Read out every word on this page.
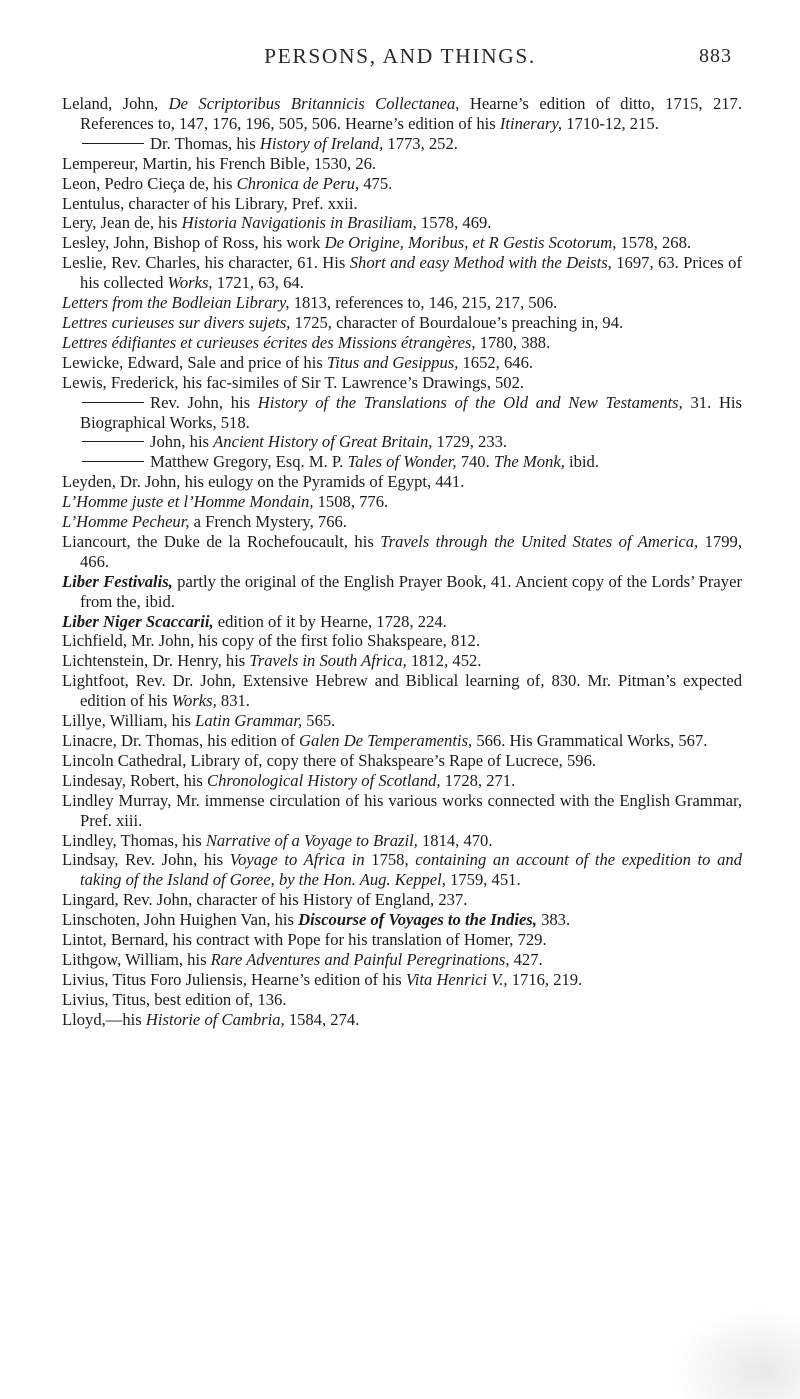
PERSONS, AND THINGS.	883

Leland, John, De Scriptoribus Britannicis Collectanea, Hearne’s edition of ditto, 1715, 217. References to, 147, 176, 196, 505, 506. Hearne’s edition of his Itinerary, 1710-12, 215.

Dr. Thomas, his History of Ireland, 1773, 252.

Lempereur, Martin, his French Bible, 1530, 26.

Leon, Pedro Cieça de, his Chronica de Peru, 475.

Lentulus, character of his Library, Pref. xxii.

Lery, Jean de, his Historia Navigationis in Brasiliam, 1578, 469.

Lesley, John, Bishop of Ross, his work De Origine, Moribus, et R Gestis Scotorum, 1578, 268.

Leslie, Rev. Charles, his character, 61. His Short and easy Method with the Deists, 1697, 63. Prices of his collected Works, 1721, 63, 64.

Letters from the Bodleian Library, 1813, references to, 146, 215, 217, 506.

Lettres curieuses sur divers sujets, 1725, character of Bourdaloue’s preaching in, 94.

Lettres édifiantes et curieuses écrites des Missions étrangères, 1780, 388.

Lewicke, Edward, Sale and price of his Titus and Gesippus, 1652, 646.

Lewis, Frederick, his fac-similes of Sir T. Lawrence’s Drawings, 502.

Rev. John, his History of the Translations of the Old and New Testaments, 31. His Biographical Works, 518.

John, his Ancient History of Great Britain, 1729, 233.

Matthew Gregory, Esq. M. P. Tales of Wonder, 740. The Monk, ibid.

Leyden, Dr. John, his eulogy on the Pyramids of Egypt, 441.

L’Homme juste et l’Homme Mondain, 1508, 776.

L’Homme Pecheur, a French Mystery, 766.

Liancourt, the Duke de la Rochefoucault, his Travels through the United States of America, 1799, 466.

Liber Festivalis, partly the original of the English Prayer Book, 41. Ancient copy of the Lords’ Prayer from the, ibid.

Liber Niger Scaccarii, edition of it by Hearne, 1728, 224.

Lichfield, Mr. John, his copy of the first folio Shakspeare, 812.

Lichtenstein, Dr. Henry, his Travels in South Africa, 1812, 452.

Lightfoot, Rev. Dr. John, Extensive Hebrew and Biblical learning of, 830. Mr. Pitman’s expected edition of his Works, 831.

Lillye, William, his Latin Grammar, 565.

Linacre, Dr. Thomas, his edition of Galen De Temperamentis, 566. His Grammatical Works, 567.

Lincoln Cathedral, Library of, copy there of Shakspeare’s Rape of Lucrece, 596.

Lindesay, Robert, his Chronological History of Scotland, 1728, 271.

Lindley Murray, Mr. immense circulation of his various works connected with the English Grammar, Pref. xiii.

Lindley, Thomas, his Narrative of a Voyage to Brazil, 1814, 470.

Lindsay, Rev. John, his Voyage to Africa in 1758, containing an account of the expedition to and taking of the Island of Goree, by the Hon. Aug. Keppel, 1759, 451.

Lingard, Rev. John, character of his History of England, 237.

Linschoten, John Huighen Van, his Discourse of Voyages to the Indies, 383.

Lintot, Bernard, his contract with Pope for his translation of Homer, 729.

Lithgow, William, his Rare Adventures and Painful Peregrinations, 427.

Livius, Titus Foro Juliensis, Hearne’s edition of his Vita Henrici V., 1716, 219.

Livius, Titus, best edition of, 136.

Lloyd,—his Historie of Cambria, 1584, 274.
